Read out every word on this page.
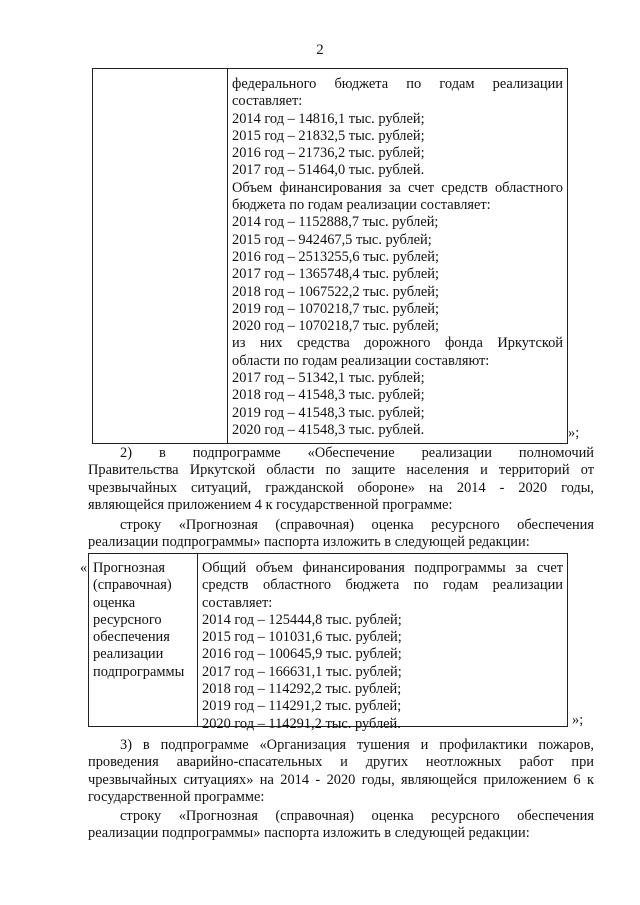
2
федерального бюджета по годам реализации
составляет:
2014 год – 14816,1 тыс. рублей;
2015 год – 21832,5 тыс. рублей;
2016 год – 21736,2 тыс. рублей;
2017 год – 51464,0 тыс. рублей.
Объем финансирования за счет средств областного
бюджета по годам реализации составляет:
2014 год – 1152888,7 тыс. рублей;
2015 год – 942467,5 тыс. рублей;
2016 год – 2513255,6 тыс. рублей;
2017 год – 1365748,4 тыс. рублей;
2018 год – 1067522,2 тыс. рублей;
2019 год – 1070218,7 тыс. рублей;
2020 год – 1070218,7 тыс. рублей;
из них средства дорожного фонда Иркутской
области по годам реализации составляют:
2017 год – 51342,1 тыс. рублей;
2018 год – 41548,3 тыс. рублей;
2019 год – 41548,3 тыс. рублей;
2020 год – 41548,3 тыс. рублей.	»;
2) в подпрограмме «Обеспечение реализации полномочий
Правительства Иркутской области по защите населения и территорий от
чрезвычайных ситуаций, гражданской обороне» на 2014 - 2020 годы,
являющейся приложением 4 к государственной программе:
строку «Прогнозная (справочная) оценка ресурсного обеспечения
реализации подпрограммы» паспорта изложить в следующей редакции:
« Прогнозная
(справочная)
оценка
ресурсного
обеспечения
реализации
подпрограммы
Общий объем финансирования подпрограммы за счет
средств областного бюджета по годам реализации
составляет:
2014 год – 125444,8 тыс. рублей;
2015 год – 101031,6 тыс. рублей;
2016 год – 100645,9 тыс. рублей;
2017 год – 166631,1 тыс. рублей;
2018 год – 114292,2 тыс. рублей;
2019 год – 114291,2 тыс. рублей;
2020 год – 114291,2 тыс. рублей.	»;
3) в подпрограмме «Организация тушения и профилактики пожаров,
проведения аварийно-спасательных и других неотложных работ при
чрезвычайных ситуациях» на 2014 - 2020 годы, являющейся приложением 6 к
государственной программе:
строку «Прогнозная (справочная) оценка ресурсного обеспечения
реализации подпрограммы» паспорта изложить в следующей редакции:
